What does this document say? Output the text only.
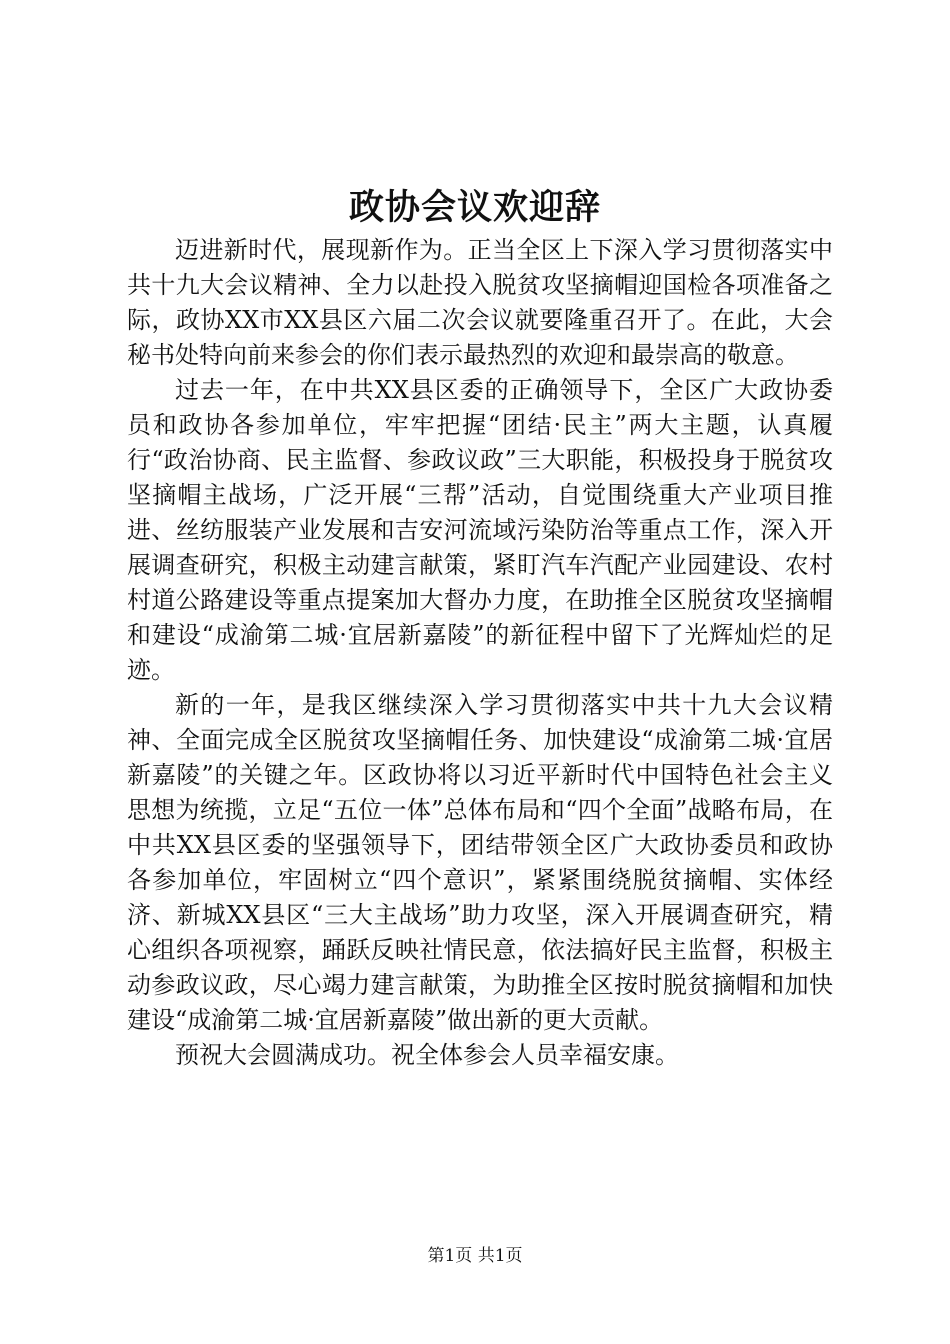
政协会议欢迎辞

迈进新时代，展现新作为。正当全区上下深入学习贯彻落实中共十九大会议精神、全力以赴投入脱贫攻坚摘帽迎国检各项准备之际，政协XX市XX县区六届二次会议就要隆重召开了。在此，大会秘书处特向前来参会的你们表示最热烈的欢迎和最崇高的敬意。

过去一年，在中共XX县区委的正确领导下，全区广大政协委员和政协各参加单位，牢牢把握“团结·民主”两大主题，认真履行“政治协商、民主监督、参政议政”三大职能，积极投身于脱贫攻坚摘帽主战场，广泛开展“三帮”活动，自觉围绕重大产业项目推进、丝纺服装产业发展和吉安河流域污染防治等重点工作，深入开展调查研究，积极主动建言献策，紧盯汽车汽配产业园建设、农村村道公路建设等重点提案加大督办力度，在助推全区脱贫攻坚摘帽和建设“成渝第二城·宜居新嘉陵”的新征程中留下了光辉灿烂的足迹。

新的一年，是我区继续深入学习贯彻落实中共十九大会议精神、全面完成全区脱贫攻坚摘帽任务、加快建设“成渝第二城·宜居新嘉陵”的关键之年。区政协将以习近平新时代中国特色社会主义思想为统揽，立足“五位一体”总体布局和“四个全面”战略布局，在中共XX县区委的坚强领导下，团结带领全区广大政协委员和政协各参加单位，牢固树立“四个意识”，紧紧围绕脱贫摘帽、实体经济、新城XX县区“三大主战场”助力攻坚，深入开展调查研究，精心组织各项视察，踊跃反映社情民意，依法搞好民主监督，积极主动参政议政，尽心竭力建言献策，为助推全区按时脱贫摘帽和加快建设“成渝第二城·宜居新嘉陵”做出新的更大贡献。

预祝大会圆满成功。祝全体参会人员幸福安康。

第1页 共1页
